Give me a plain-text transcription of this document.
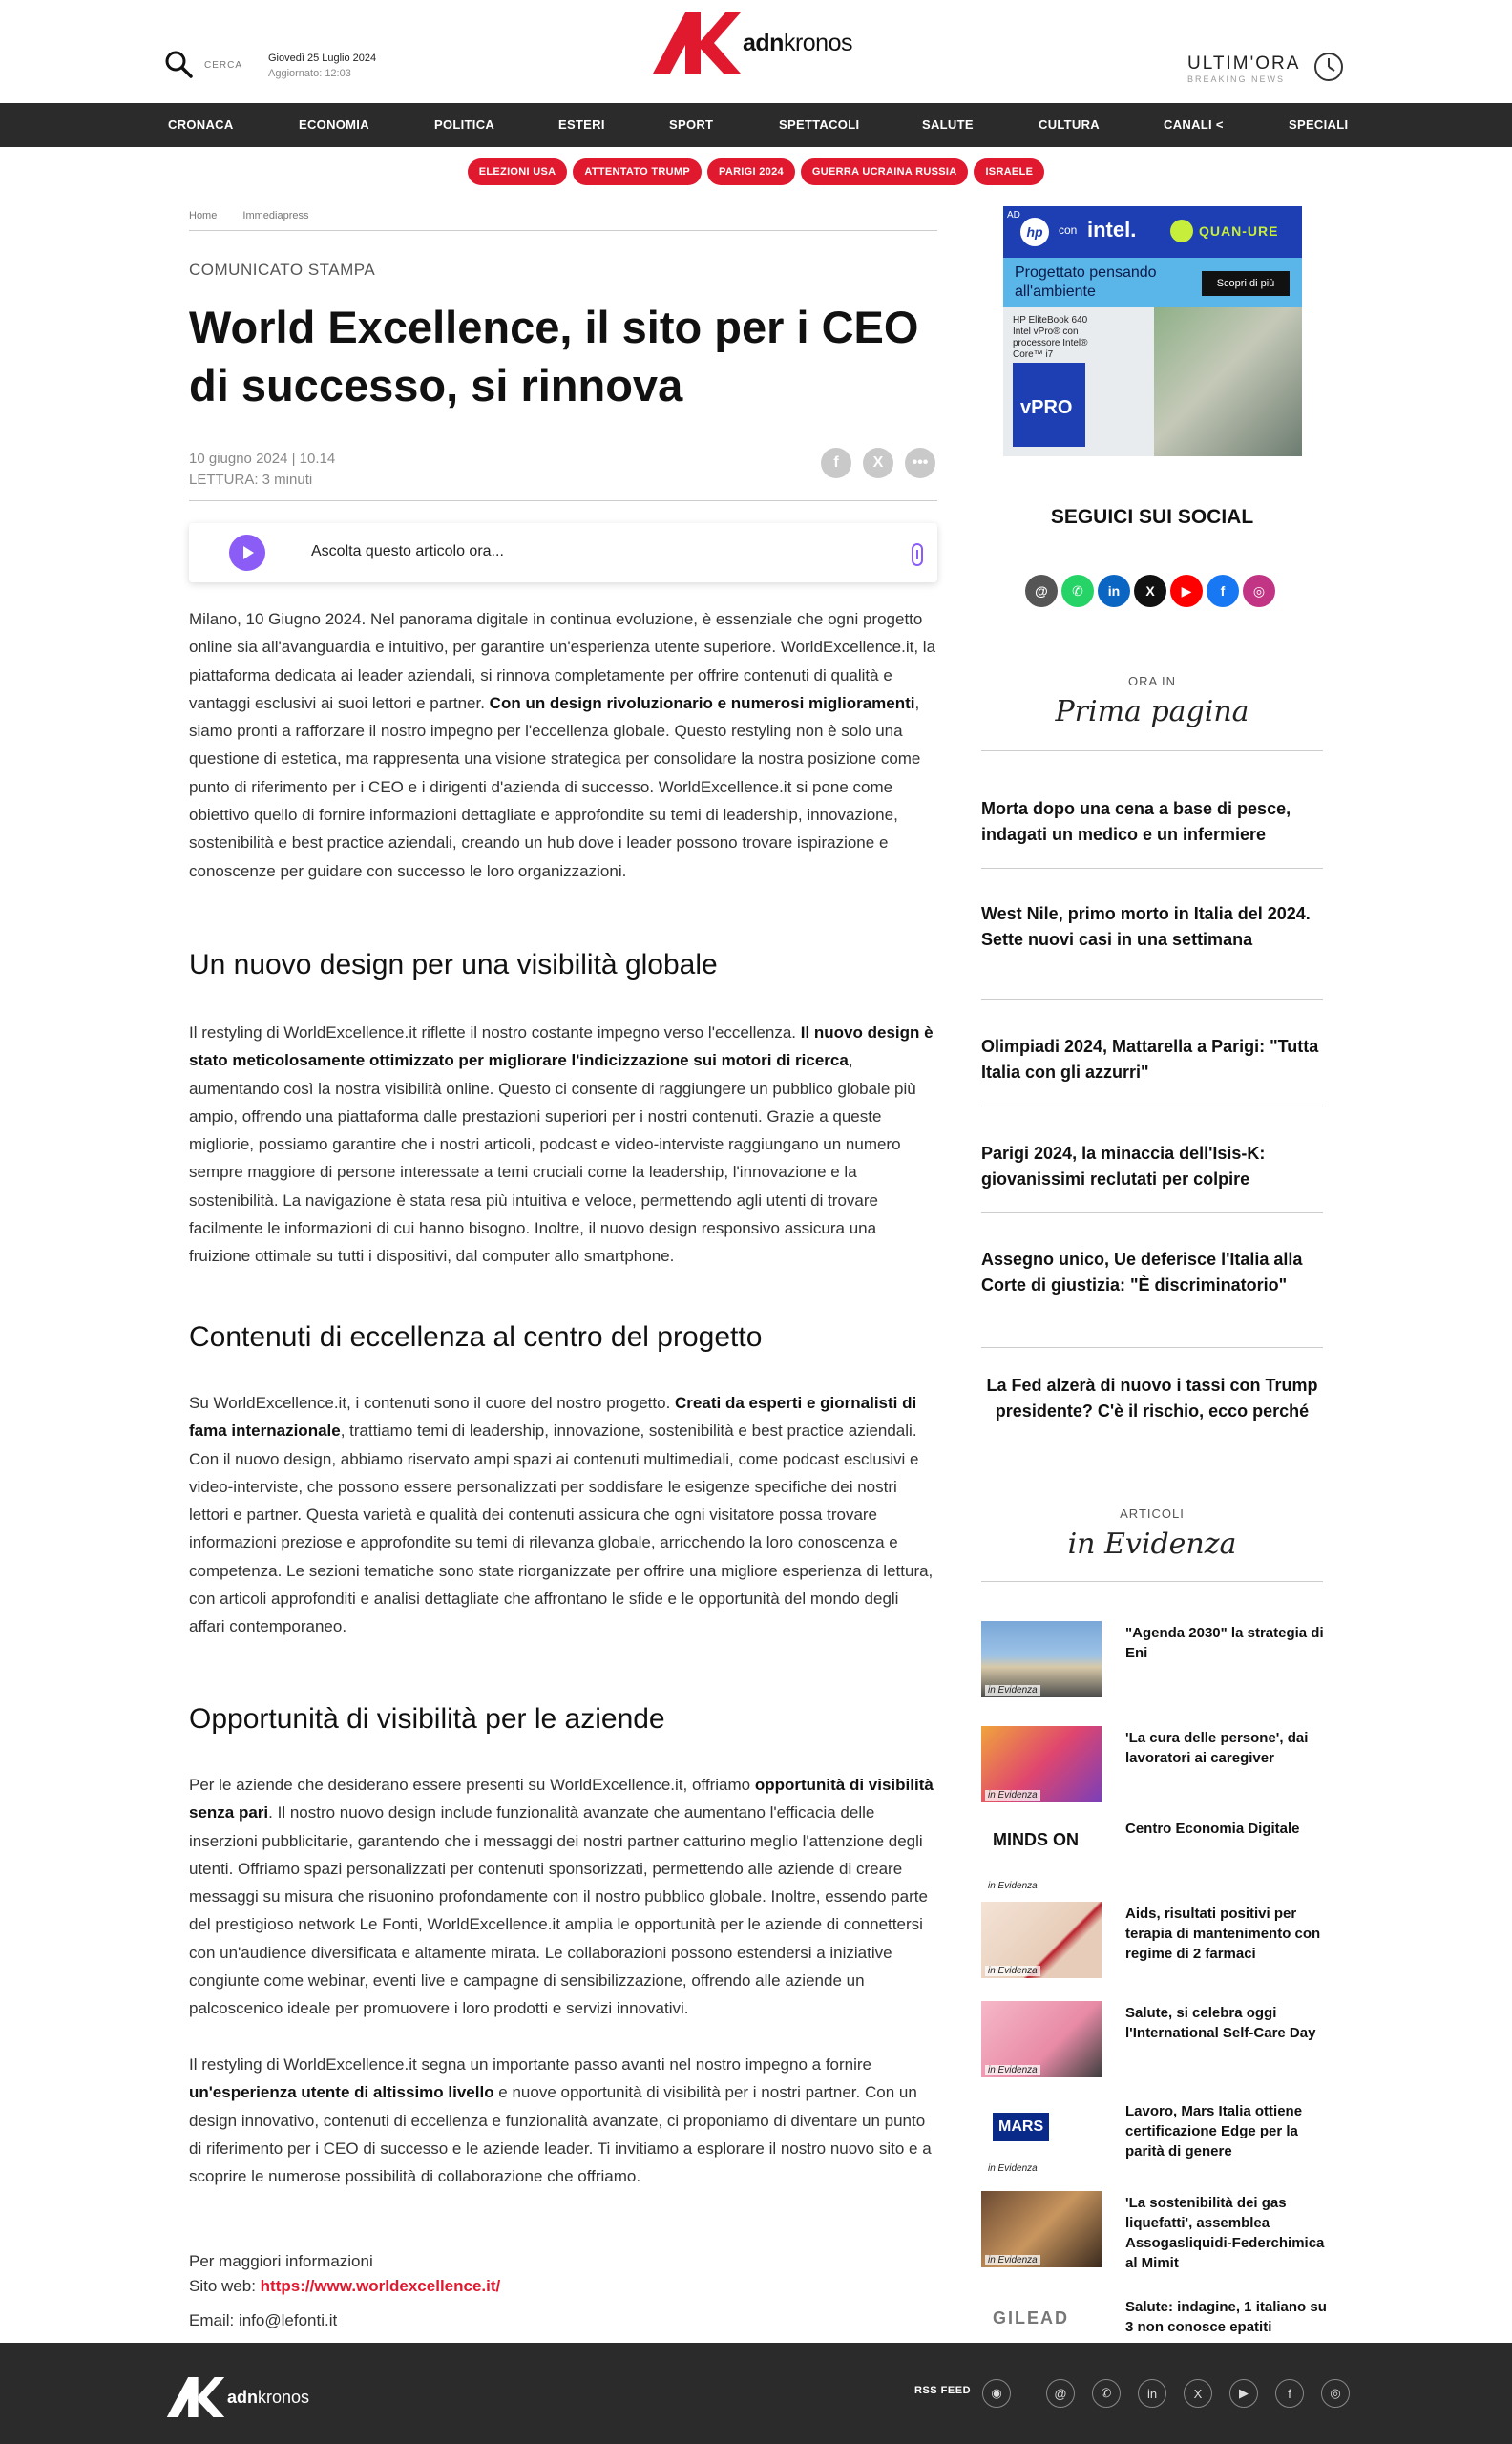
CERCA
Giovedì 25 Luglio 2024
Aggiornato: 12:03
adnkronos
ULTIM'ORA
BREAKING NEWS
CRONACA	ECONOMIA	POLITICA	ESTERI	SPORT	SPETTACOLI	SALUTE	CULTURA	CANALI <	SPECIALI
ELEZIONI USA	ATTENTATO TRUMP	PARIGI 2024	GUERRA UCRAINA RUSSIA	ISRAELE
Home Immediapress
COMUNICATO STAMPA
World Excellence, il sito per i CEO di successo, si rinnova
10 giugno 2024 | 10.14
LETTURA: 3 minuti
f	X	•••
Ascolta questo articolo ora...

Milano, 10 Giugno 2024. Nel panorama digitale in continua evoluzione, è essenziale che ogni progetto online sia all'avanguardia e intuitivo, per garantire un'esperienza utente superiore. WorldExcellence.it, la piattaforma dedicata ai leader aziendali, si rinnova completamente per offrire contenuti di qualità e vantaggi esclusivi ai suoi lettori e partner. Con un design rivoluzionario e numerosi miglioramenti, siamo pronti a rafforzare il nostro impegno per l'eccellenza globale. Questo restyling non è solo una questione di estetica, ma rappresenta una visione strategica per consolidare la nostra posizione come punto di riferimento per i CEO e i dirigenti d'azienda di successo. WorldExcellence.it si pone come obiettivo quello di fornire informazioni dettagliate e approfondite su temi di leadership, innovazione, sostenibilità e best practice aziendali, creando un hub dove i leader possono trovare ispirazione e conoscenze per guidare con successo le loro organizzazioni.

Un nuovo design per una visibilità globale

Il restyling di WorldExcellence.it riflette il nostro costante impegno verso l'eccellenza. Il nuovo design è stato meticolosamente ottimizzato per migliorare l'indicizzazione sui motori di ricerca, aumentando così la nostra visibilità online. Questo ci consente di raggiungere un pubblico globale più ampio, offrendo una piattaforma dalle prestazioni superiori per i nostri contenuti. Grazie a queste migliorie, possiamo garantire che i nostri articoli, podcast e video-interviste raggiungano un numero sempre maggiore di persone interessate a temi cruciali come la leadership, l'innovazione e la sostenibilità. La navigazione è stata resa più intuitiva e veloce, permettendo agli utenti di trovare facilmente le informazioni di cui hanno bisogno. Inoltre, il nuovo design responsivo assicura una fruizione ottimale su tutti i dispositivi, dal computer allo smartphone.

Contenuti di eccellenza al centro del progetto

Su WorldExcellence.it, i contenuti sono il cuore del nostro progetto. Creati da esperti e giornalisti di fama internazionale, trattiamo temi di leadership, innovazione, sostenibilità e best practice aziendali. Con il nuovo design, abbiamo riservato ampi spazi ai contenuti multimediali, come podcast esclusivi e video-interviste, che possono essere personalizzati per soddisfare le esigenze specifiche dei nostri lettori e partner. Questa varietà e qualità dei contenuti assicura che ogni visitatore possa trovare informazioni preziose e approfondite su temi di rilevanza globale, arricchendo la loro conoscenza e competenza. Le sezioni tematiche sono state riorganizzate per offrire una migliore esperienza di lettura, con articoli approfonditi e analisi dettagliate che affrontano le sfide e le opportunità del mondo degli affari contemporaneo.

Opportunità di visibilità per le aziende

Per le aziende che desiderano essere presenti su WorldExcellence.it, offriamo opportunità di visibilità senza pari. Il nostro nuovo design include funzionalità avanzate che aumentano l'efficacia delle inserzioni pubblicitarie, garantendo che i messaggi dei nostri partner catturino meglio l'attenzione degli utenti. Offriamo spazi personalizzati per contenuti sponsorizzati, permettendo alle aziende di creare messaggi su misura che risuonino profondamente con il nostro pubblico globale. Inoltre, essendo parte del prestigioso network Le Fonti, WorldExcellence.it amplia le opportunità per le aziende di connettersi con un'audience diversificata e altamente mirata. Le collaborazioni possono estendersi a iniziative congiunte come webinar, eventi live e campagne di sensibilizzazione, offrendo alle aziende un palcoscenico ideale per promuovere i loro prodotti e servizi innovativi.

Il restyling di WorldExcellence.it segna un importante passo avanti nel nostro impegno a fornire un'esperienza utente di altissimo livello e nuove opportunità di visibilità per i nostri partner. Con un design innovativo, contenuti di eccellenza e funzionalità avanzate, ci proponiamo di diventare un punto di riferimento per i CEO di successo e le aziende leader. Ti invitiamo a esplorare il nostro nuovo sito e a scoprire le numerose possibilità di collaborazione che offriamo.

Per maggiori informazioni
Sito web: https://www.worldexcellence.it/
Email: info@lefonti.it
AD
hp	con intel.	QUAN-URE
Progettato pensando all'ambiente	Scopri di più
HP EliteBook 640 Intel vPro® con processore Intel® Core™ i7
vPRO
SEGUICI SUI SOCIAL
@	✆	in	X	▶	f	◎
ORA IN
Prima pagina
Morta dopo una cena a base di pesce, indagati un medico e un infermiere
West Nile, primo morto in Italia del 2024. Sette nuovi casi in una settimana
Olimpiadi 2024, Mattarella a Parigi: "Tutta Italia con gli azzurri"
Parigi 2024, la minaccia dell'Isis-K: giovanissimi reclutati per colpire
Assegno unico, Ue deferisce l'Italia alla Corte di giustizia: "È discriminatorio"
La Fed alzerà di nuovo i tassi con Trump presidente? C'è il rischio, ecco perché
ARTICOLI
in Evidenza
in Evidenza
"Agenda 2030" la strategia di Eni
in Evidenza
'La cura delle persone', dai lavoratori ai caregiver
MINDS ON
in Evidenza
Centro Economia Digitale
in Evidenza
Aids, risultati positivi per terapia di mantenimento con regime di 2 farmaci
in Evidenza
Salute, si celebra oggi l'International Self-Care Day
MARS
in Evidenza
Lavoro, Mars Italia ottiene certificazione Edge per la parità di genere
in Evidenza
'La sostenibilità dei gas liquefatti', assemblea Assogasliquidi-Federchimica al Mimit
GILEAD
Salute: indagine, 1 italiano su 3 non conosce epatiti
adnkronos	RSS FEED	◉	@	✆	in	X	▶	f	◎
